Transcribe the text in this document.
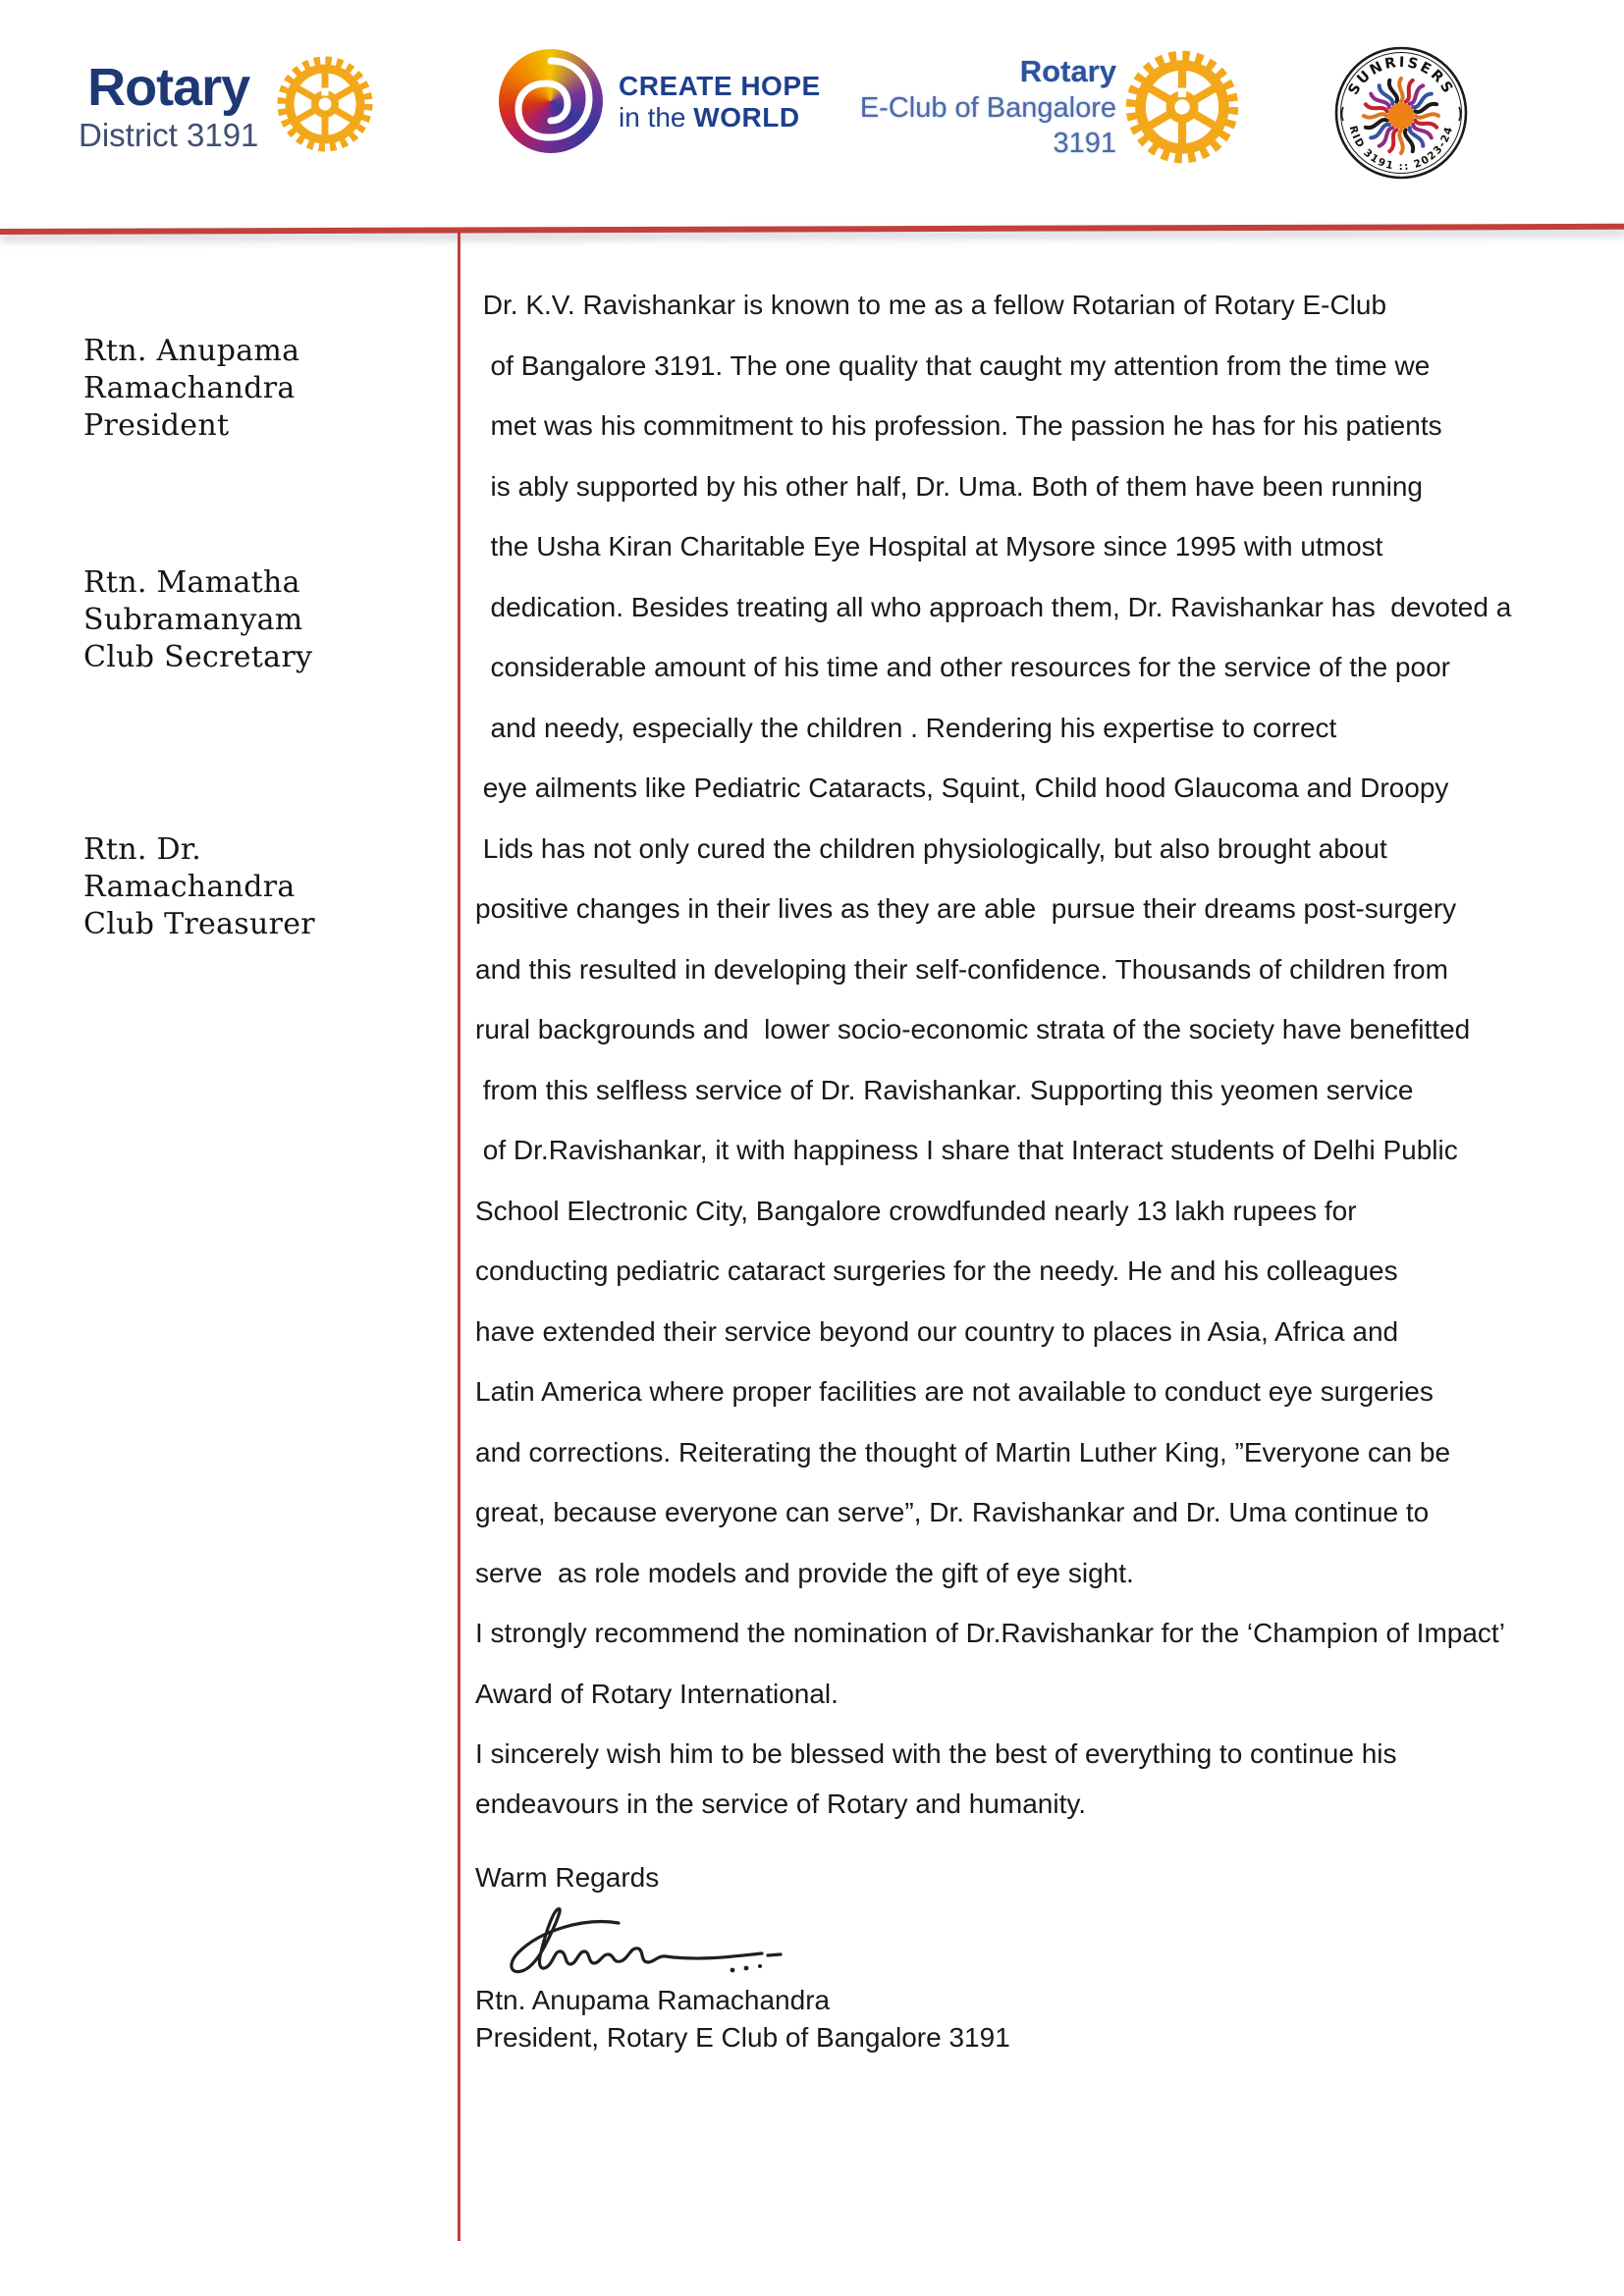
Rotary
District 3191
CREATE HOPE
in the WORLD
Rotary
E-Club of Bangalore 3191
SUNRISERS
RID 3191 :: 2023-24
Rtn. Anupama
Ramachandra
President
Rtn. Mamatha
Subramanyam
Club Secretary
Rtn. Dr.
Ramachandra
Club Treasurer
Dr. K.V. Ravishankar is known to me as a fellow Rotarian of Rotary E-Club
of Bangalore 3191. The one quality that caught my attention from the time we
met was his commitment to his profession. The passion he has for his patients
is ably supported by his other half, Dr. Uma. Both of them have been running
the Usha Kiran Charitable Eye Hospital at Mysore since 1995 with utmost
dedication. Besides treating all who approach them, Dr. Ravishankar has  devoted a
considerable amount of his time and other resources for the service of the poor
and needy, especially the children . Rendering his expertise to correct
eye ailments like Pediatric Cataracts, Squint, Child hood Glaucoma and Droopy
Lids has not only cured the children physiologically, but also brought about
positive changes in their lives as they are able  pursue their dreams post-surgery
and this resulted in developing their self-confidence. Thousands of children from
rural backgrounds and  lower socio-economic strata of the society have benefitted
from this selfless service of Dr. Ravishankar. Supporting this yeomen service
of Dr.Ravishankar, it with happiness I share that Interact students of Delhi Public
School Electronic City, Bangalore crowdfunded nearly 13 lakh rupees for
conducting pediatric cataract surgeries for the needy. He and his colleagues
have extended their service beyond our country to places in Asia, Africa and
Latin America where proper facilities are not available to conduct eye surgeries
and corrections. Reiterating the thought of Martin Luther King, ”Everyone can be
great, because everyone can serve”, Dr. Ravishankar and Dr. Uma continue to
serve  as role models and provide the gift of eye sight.
I strongly recommend the nomination of Dr.Ravishankar for the ‘Champion of Impact’
Award of Rotary International.
I sincerely wish him to be blessed with the best of everything to continue his
endeavours in the service of Rotary and humanity.
Warm Regards
Rtn. Anupama Ramachandra
President, Rotary E Club of Bangalore 3191
